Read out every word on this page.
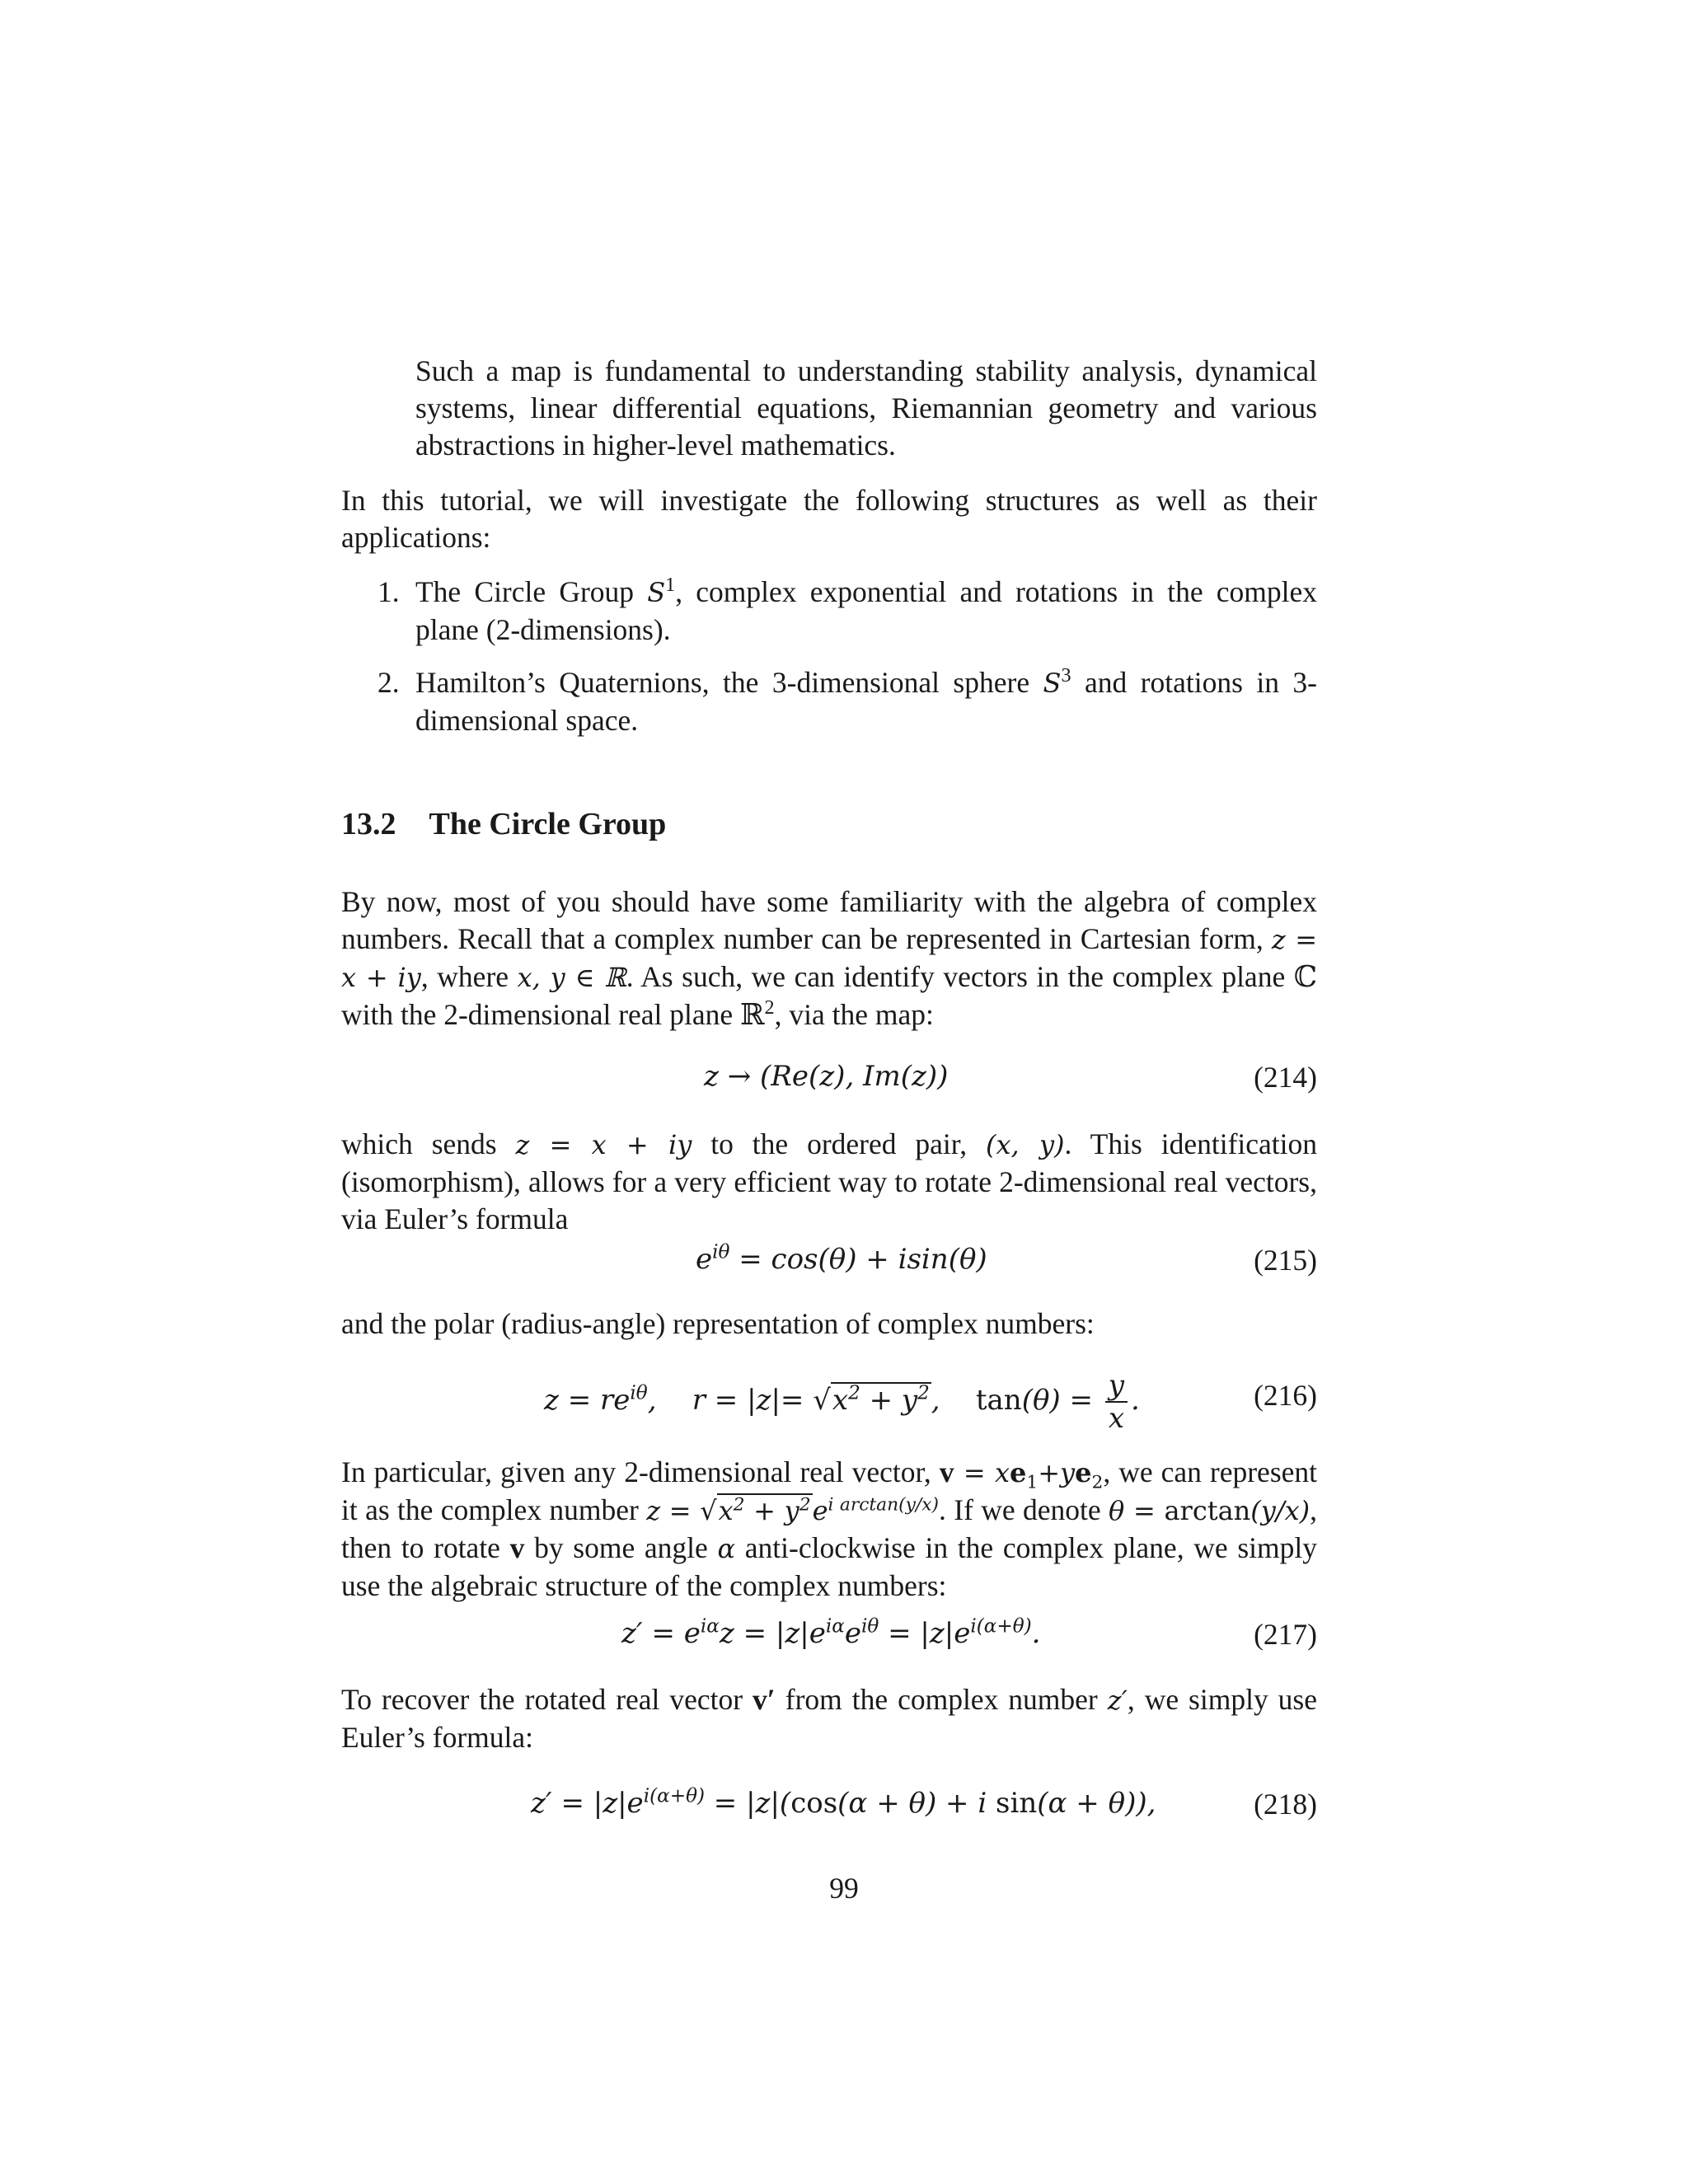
Such a map is fundamental to understanding stability analysis, dynamical systems, linear differential equations, Riemannian geometry and various abstractions in higher-level mathematics.
In this tutorial, we will investigate the following structures as well as their applications:
1. The Circle Group $S^1$, complex exponential and rotations in the complex plane (2-dimensions).
2. Hamilton’s Quaternions, the 3-dimensional sphere $S^3$ and rotations in 3-dimensional space.
13.2 The Circle Group
By now, most of you should have some familiarity with the algebra of complex numbers. Recall that a complex number can be represented in Cartesian form, z = x + iy, where x, y ∈ ℝ. As such, we can identify vectors in the complex plane ℂ with the 2-dimensional real plane ℝ$^2$, via the map:
z → (Re(z), Im(z))	(214)
which sends z = x + iy to the ordered pair, (x, y). This identification (isomorphism), allows for a very efficient way to rotate 2-dimensional real vectors, via Euler’s formula
$e^{i\theta} = \cos(\theta) + isin(\theta)$	(215)
and the polar (radius-angle) representation of complex numbers:
$z = re^{i\theta}$,    $r = |z|= √x^2 + y^2$,    $\tan(\theta) = \frac{y}{x}$ .	(216)
In particular, given any 2-dimensional real vector, $v = xe_1+ye_2$, we can represent it as the complex number $z = √x^2 + y^2e^{i arctan(y/x)}$. If we denote θ = arctan(y/x), then to rotate v by some angle α anti-clockwise in the complex plane, we simply use the algebraic structure of the complex numbers:
$z' = e^{i\alpha}z = |z|e^{i\alpha}e^{i\theta} = |z|e^{i(\alpha+\theta)}$.	(217)
To recover the rotated real vector v′ from the complex number z′, we simply use Euler’s formula:
$z' = |z|e^{i(\alpha+\theta)} = |z|(\cos(\alpha + \theta) + i$ sin(α + θ)),	(218)
99
